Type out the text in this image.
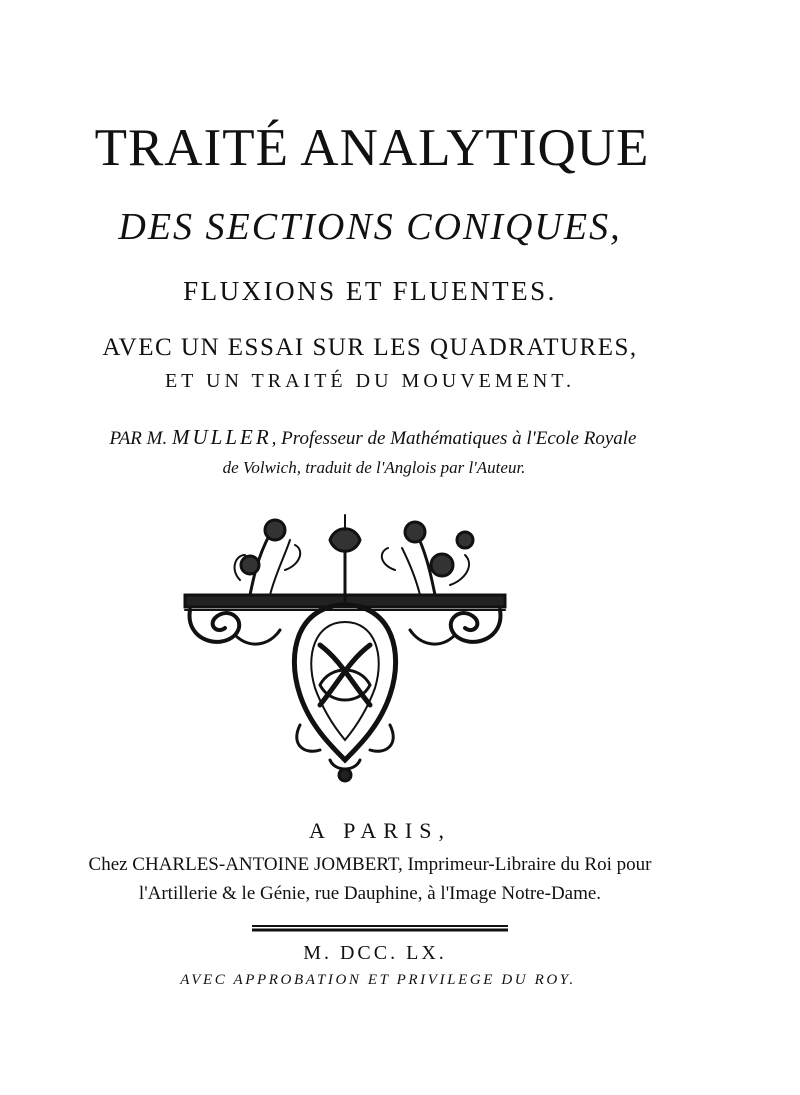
TRAITÉ ANALYTIQUE
DES SECTIONS CONIQUES,
FLUXIONS ET FLUENTES.
AVEC UN ESSAI SUR LES QUADRATURES,
ET UN TRAITÉ DU MOUVEMENT.
PAR M. MULLER, Professeur de Mathématiques à l'Ecole Royale
de Volwich, traduit de l'Anglois par l'Auteur.
A PARIS,
Chez CHARLES-ANTOINE JOMBERT, Imprimeur-Libraire du Roi pour
l'Artillerie & le Génie, rue Dauphine, à l'Image Notre-Dame.
M. DCC. LX.
AVEC APPROBATION ET PRIVILEGE DU ROY.
